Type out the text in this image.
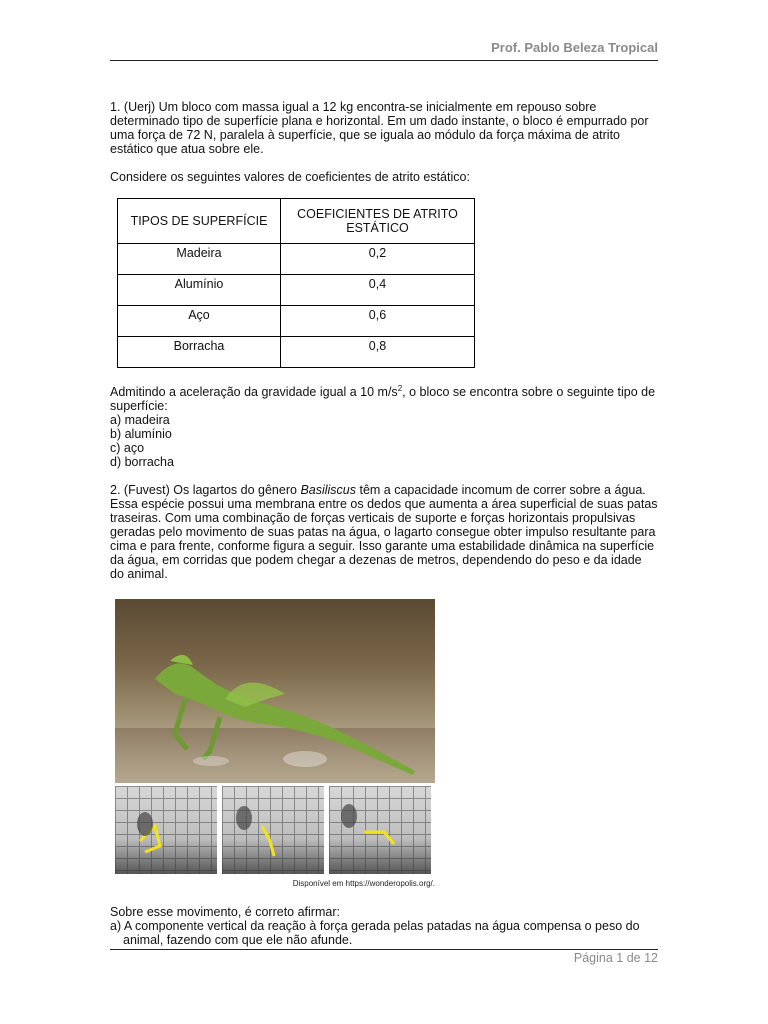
Prof. Pablo Beleza Tropical

1. (Uerj) Um bloco com massa igual a 12 kg encontra-se inicialmente em repouso sobre determinado tipo de superfície plana e horizontal. Em um dado instante, o bloco é empurrado por uma força de 72 N, paralela à superfície, que se iguala ao módulo da força máxima de atrito estático que atua sobre ele.

Considere os seguintes valores de coeficientes de atrito estático:

TIPOS DE SUPERFÍCIE	COEFICIENTES DE ATRITO ESTÁTICO
Madeira	0,2
Alumínio	0,4
Aço	0,6
Borracha	0,8

Admitindo a aceleração da gravidade igual a 10 $m/s^2$, o bloco se encontra sobre o seguinte tipo de superfície:

a) madeira
b) alumínio
c) aço
d) borracha

2. (Fuvest) Os lagartos do gênero Basiliscus têm a capacidade incomum de correr sobre a água. Essa espécie possui uma membrana entre os dedos que aumenta a área superficial de suas patas traseiras. Com uma combinação de forças verticais de suporte e forças horizontais propulsivas geradas pelo movimento de suas patas na água, o lagarto consegue obter impulso resultante para cima e para frente, conforme figura a seguir. Isso garante uma estabilidade dinâmica na superfície da água, em corridas que podem chegar a dezenas de metros, dependendo do peso e da idade do animal.

Disponível em https://wonderopolis.org/.

Sobre esse movimento, é correto afirmar:

a) A componente vertical da reação à força gerada pelas patadas na água compensa o peso do animal, fazendo com que ele não afunde.

Página 1 de 12
